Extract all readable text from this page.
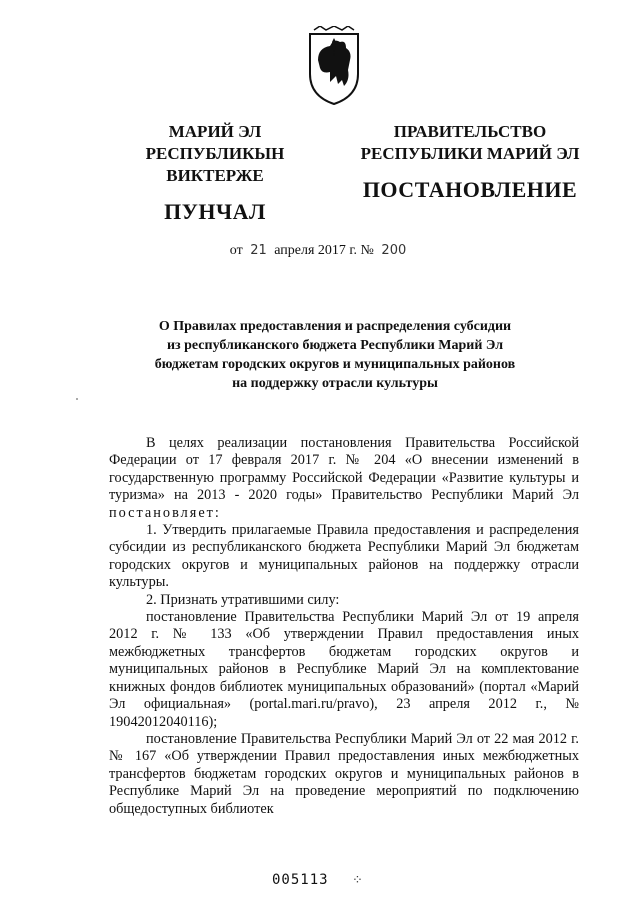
МАРИЙ ЭЛ РЕСПУБЛИКЫН
ВИКТЕРЖЕ
ПУНЧАЛ
ПРАВИТЕЛЬСТВО
РЕСПУБЛИКИ МАРИЙ ЭЛ
ПОСТАНОВЛЕНИЕ
от 21 апреля 2017 г. № 200
О Правилах предоставления и распределения субсидии
из республиканского бюджета Республики Марий Эл
бюджетам городских округов и муниципальных районов
на поддержку отрасли культуры

В целях реализации постановления Правительства Российской Федерации от 17 февраля 2017 г. № 204 «О внесении изменений в государственную программу Российской Федерации «Развитие культуры и туризма» на 2013 - 2020 годы» Правительство Республики Марий Эл постановляет:

1. Утвердить прилагаемые Правила предоставления и распределения субсидии из республиканского бюджета Республики Марий Эл бюджетам городских округов и муниципальных районов на поддержку отрасли культуры.

2. Признать утратившими силу:

постановление Правительства Республики Марий Эл от 19 апреля 2012 г. № 133 «Об утверждении Правил предоставления иных межбюджетных трансфертов бюджетам городских округов и муниципальных районов в Республике Марий Эл на комплектование книжных фондов библиотек муниципальных образований» (портал «Марий Эл официальная» (portal.mari.ru/pravo), 23 апреля 2012 г., № 19042012040116);

постановление Правительства Республики Марий Эл от 22 мая 2012 г. № 167 «Об утверждении Правил предоставления иных межбюджетных трансфертов бюджетам городских округов и муниципальных районов в Республике Марий Эл на проведение мероприятий по подключению общедоступных библиотек

005113 ⁘
